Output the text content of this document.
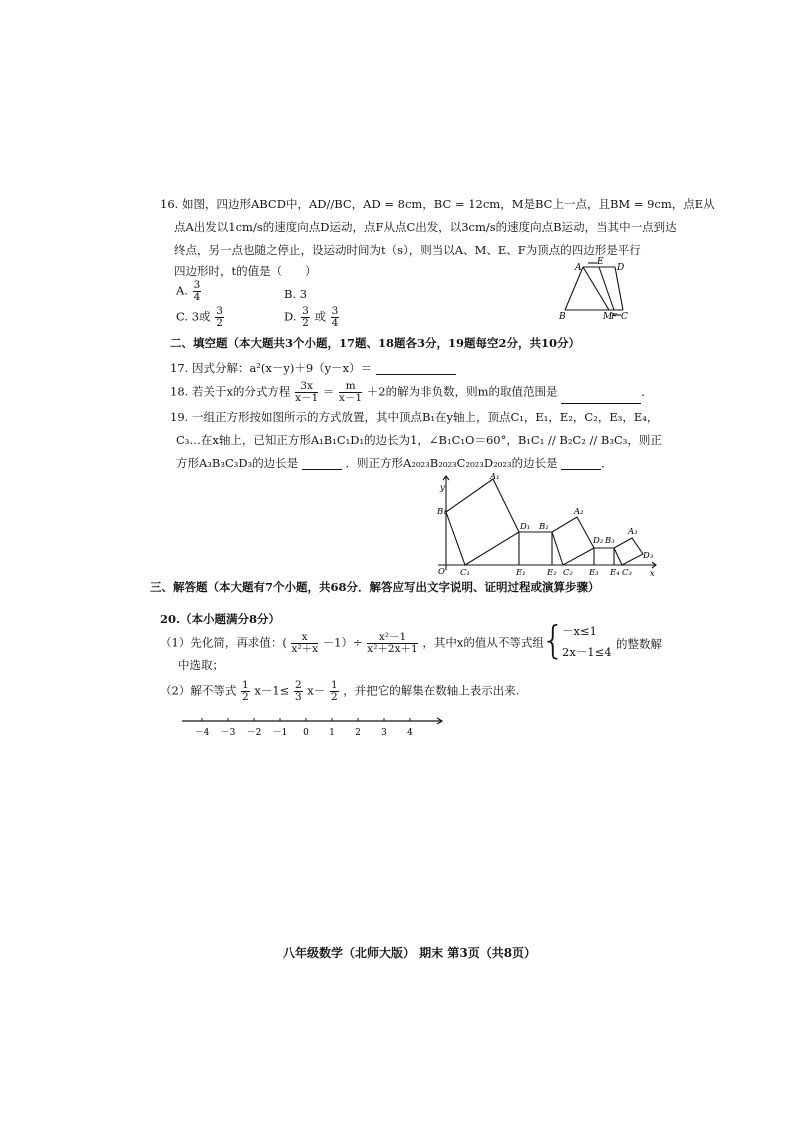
16. 如图，四边形ABCD中，AD//BC，AD = 8cm，BC = 12cm，M是BC上一点，且BM = 9cm，点E从
点A出发以1cm/s的速度向点D运动，点F从点C出发，以3cm/s的速度向点B运动，当其中一点到达
终点，另一点也随之停止，设运动时间为t（s），则当以A、M、E、F为顶点的四边形是平行
四边形时，t的值是（　　）
A. $\frac{3}{4}$	B. 3
C. 3或 $\frac{3}{2}$	D. $\frac{3}{2}$ 或 $\frac{3}{4}$
A
E
D
B	M
F C
二、填空题（本大题共3个小题，17题、18题各3分，19题每空2分，共10分）
17. 因式分解：a²(x－y)＋9（y－x）＝
18. 若关于x的分式方程 $\frac{3x}{x-1} = \frac{m}{x-1} +2$的解为非负数，则m的取值范围是	．
19. 一组正方形按如图所示的方式放置，其中顶点B₁在y轴上，顶点C₁，E₁，E₂，C₂，E₃，E₄，
C₃…在x轴上，已知正方形A₁B₁C₁D₁的边长为1，∠B₁C₁O＝60°，B₁C₁ // B₂C₂ // B₃C₃，则正
方形A₃B₃C₃D₃的边长是	．则正方形A₂₀₂₃B₂₀₂₃C₂₀₂₃D₂₀₂₃的边长是	．
y
x
O
A₁
B₁
C₁
D₁
E₁
B₂
A₂
E₂ C₂
D₂ B₃
A₃
E₃ E₄ C₃
D₃
三、解答题（本大题有7个小题，共68分．解答应写出文字说明、证明过程或演算步骤）
20.（本小题满分8分）
（1）先化简，再求值：( $\frac{x}{\text{x²＋x}} -1)\div \frac{\text{x²－1}}{\text{x²＋2x＋1}}$ ，其中x的值从不等式组
{
－x≤1
2x－1≤4
的整数解
中选取；
（2）解不等式 $\frac{1}{2} x-1\le \frac{2}{3} x- \frac{1}{2}$ ，并把它的解集在数轴上表示出来.
－4 －3 －2 －1 0 1 2 3 4
八年级数学（北师大版） 期末 第3页（共8页）
